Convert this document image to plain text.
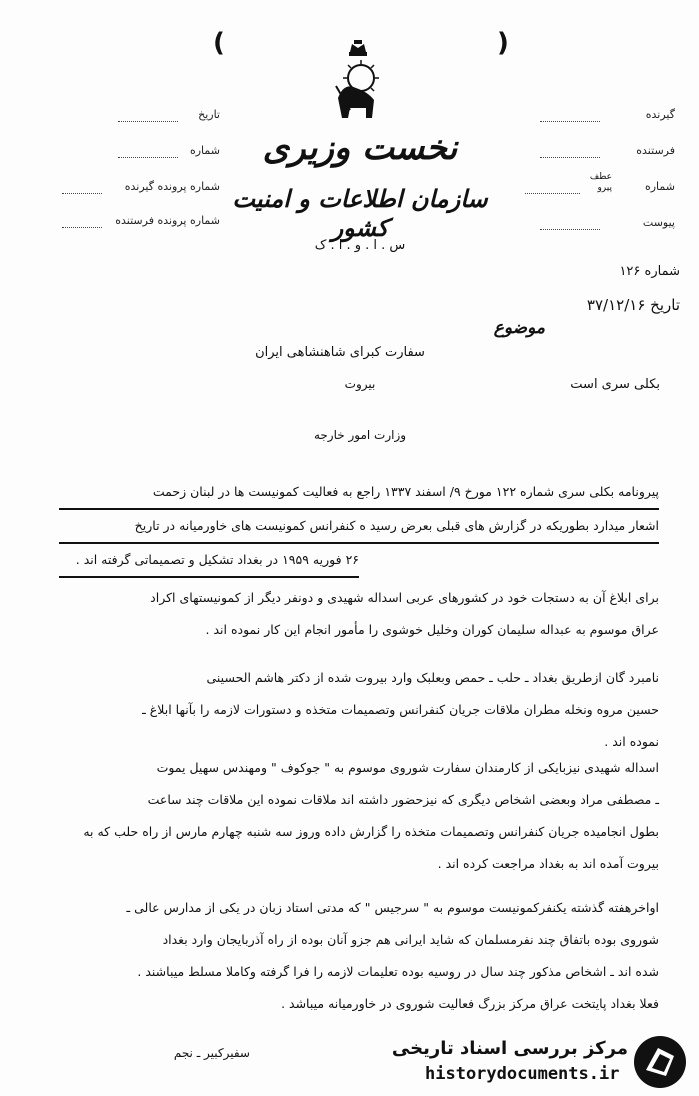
(	)
تاریخ
شماره
شماره پرونده گیرنده
شماره پرونده فرستنده
گیرنده
فرستنده
شماره
عطف
پیرو
پیوست
نخست وزیری
سازمان اطلاعات و امنیت کشور
س . ا . و . ا . ک
شماره ۱۲۶
تاریخ ۳۷/۱۲/۱۶
موضوع
سفارت کبرای شاهنشاهی ایران
بکلی سری است
بیروت
وزارت امور خارجه
پیرونامه بکلی سری شماره ۱۲۲ مورخ ۹/ اسفند ۱۳۳۷ راجع به فعالیت کمونیست ها در لبنان زحمت
اشعار میدارد بطوریکه در گزارش های قبلی بعرض رسید ه کنفرانس کمونیست های خاورمیانه در تاریخ
۲۶ فوریه ۱۹۵۹ در بغداد تشکیل و تصمیماتی گرفته اند .
برای ابلاغ آن به دستجات خود در کشورهای عربی اسداله شهیدی و دونفر دیگر از کمونیستهای اکراد
عراق موسوم به عبداله سلیمان کوران وخلیل خوشوی را مأمور انجام این کار نموده اند .
نامبرد گان ازطریق بغداد ـ حلب ـ حمص وبعلبک وارد بیروت شده از دکتر هاشم الحسینی
حسین مروه ونخله مطران ملاقات جریان کنفرانس وتصمیمات متخذه و دستورات لازمه را بآنها ابلاغ ـ
نموده اند .
اسداله شهیدی نیزبایکی از کارمندان سفارت شوروی موسوم به " جوکوف " ومهندس سهیل یموت
ـ مصطفی مراد وبعضی اشخاص دیگری که نیزحضور داشته اند ملاقات نموده این ملاقات چند ساعت
بطول انجامیده جریان کنفرانس وتصمیمات متخذه را گزارش داده وروز سه شنبه چهارم مارس از راه حلب که به
بیروت آمده اند به بغداد مراجعت کرده اند .
اواخرهفته گذشته یکنفرکمونیست موسوم به " سرجیس " که مدتی استاد زبان در یکی از مدارس عالی ـ
شوروی بوده باتفاق چند نفرمسلمان که شاید ایرانی هم جزو آنان بوده از راه آذربایجان وارد بغداد
شده اند ـ اشخاص مذکور چند سال در روسیه بوده تعلیمات لازمه را فرا گرفته وکاملا مسلط میباشند .
فعلا بغداد پایتخت عراق مرکز بزرگ فعالیت شوروی در خاورمیانه میباشد .
سفیرکبیر ـ نجم	مرکز بررسی اسناد تاریخی
historydocuments.ir
